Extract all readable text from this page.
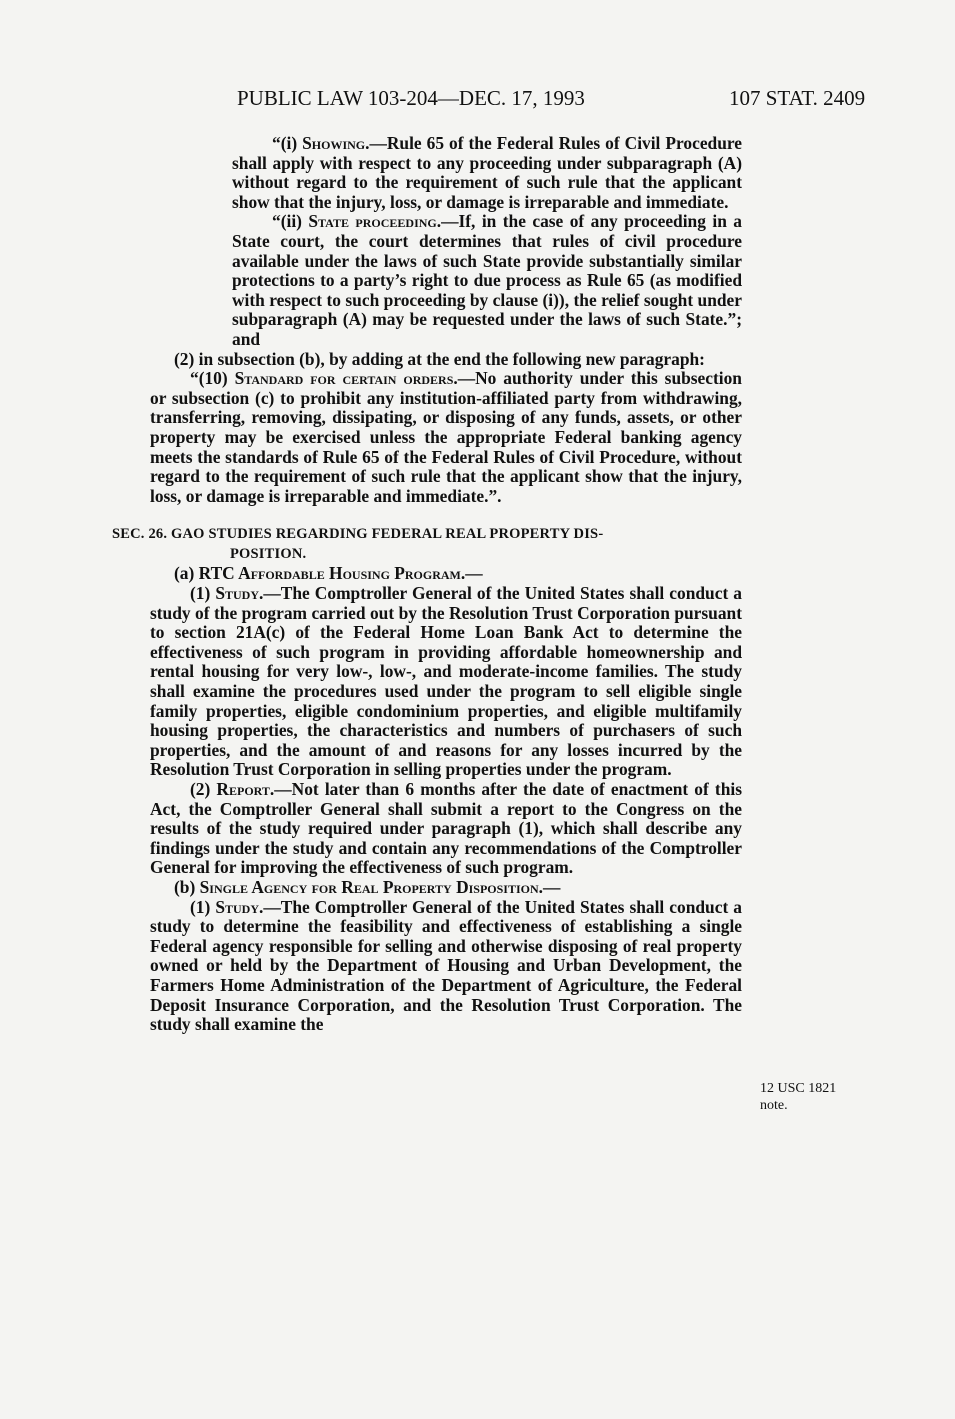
PUBLIC LAW 103-204—DEC. 17, 1993	107 STAT. 2409

“(i) Showing.—Rule 65 of the Federal Rules of Civil Procedure shall apply with respect to any proceeding under subparagraph (A) without regard to the requirement of such rule that the applicant show that the injury, loss, or damage is irreparable and immediate.

“(ii) State proceeding.—If, in the case of any proceeding in a State court, the court determines that rules of civil procedure available under the laws of such State provide substantially similar protections to a party’s right to due process as Rule 65 (as modified with respect to such proceeding by clause (i)), the relief sought under subparagraph (A) may be requested under the laws of such State.”; and

(2) in subsection (b), by adding at the end the following new paragraph:

“(10) Standard for certain orders.—No authority under this subsection or subsection (c) to prohibit any institution-affiliated party from withdrawing, transferring, removing, dissipating, or disposing of any funds, assets, or other property may be exercised unless the appropriate Federal banking agency meets the standards of Rule 65 of the Federal Rules of Civil Procedure, without regard to the requirement of such rule that the applicant show that the injury, loss, or damage is irreparable and immediate.”.

SEC. 26. GAO STUDIES REGARDING FEDERAL REAL PROPERTY DIS-
POSITION.

(a) RTC Affordable Housing Program.—

(1) Study.—The Comptroller General of the United States shall conduct a study of the program carried out by the Resolution Trust Corporation pursuant to section 21A(c) of the Federal Home Loan Bank Act to determine the effectiveness of such program in providing affordable homeownership and rental housing for very low-, low-, and moderate-income families. The study shall examine the procedures used under the program to sell eligible single family properties, eligible condominium properties, and eligible multifamily housing properties, the characteristics and numbers of purchasers of such properties, and the amount of and reasons for any losses incurred by the Resolution Trust Corporation in selling properties under the program.

(2) Report.—Not later than 6 months after the date of enactment of this Act, the Comptroller General shall submit a report to the Congress on the results of the study required under paragraph (1), which shall describe any findings under the study and contain any recommendations of the Comptroller General for improving the effectiveness of such program.

(b) Single Agency for Real Property Disposition.—

(1) Study.—The Comptroller General of the United States shall conduct a study to determine the feasibility and effectiveness of establishing a single Federal agency responsible for selling and otherwise disposing of real property owned or held by the Department of Housing and Urban Development, the Farmers Home Administration of the Department of Agriculture, the Federal Deposit Insurance Corporation, and the Resolution Trust Corporation. The study shall examine the

12 USC 1821
note.
